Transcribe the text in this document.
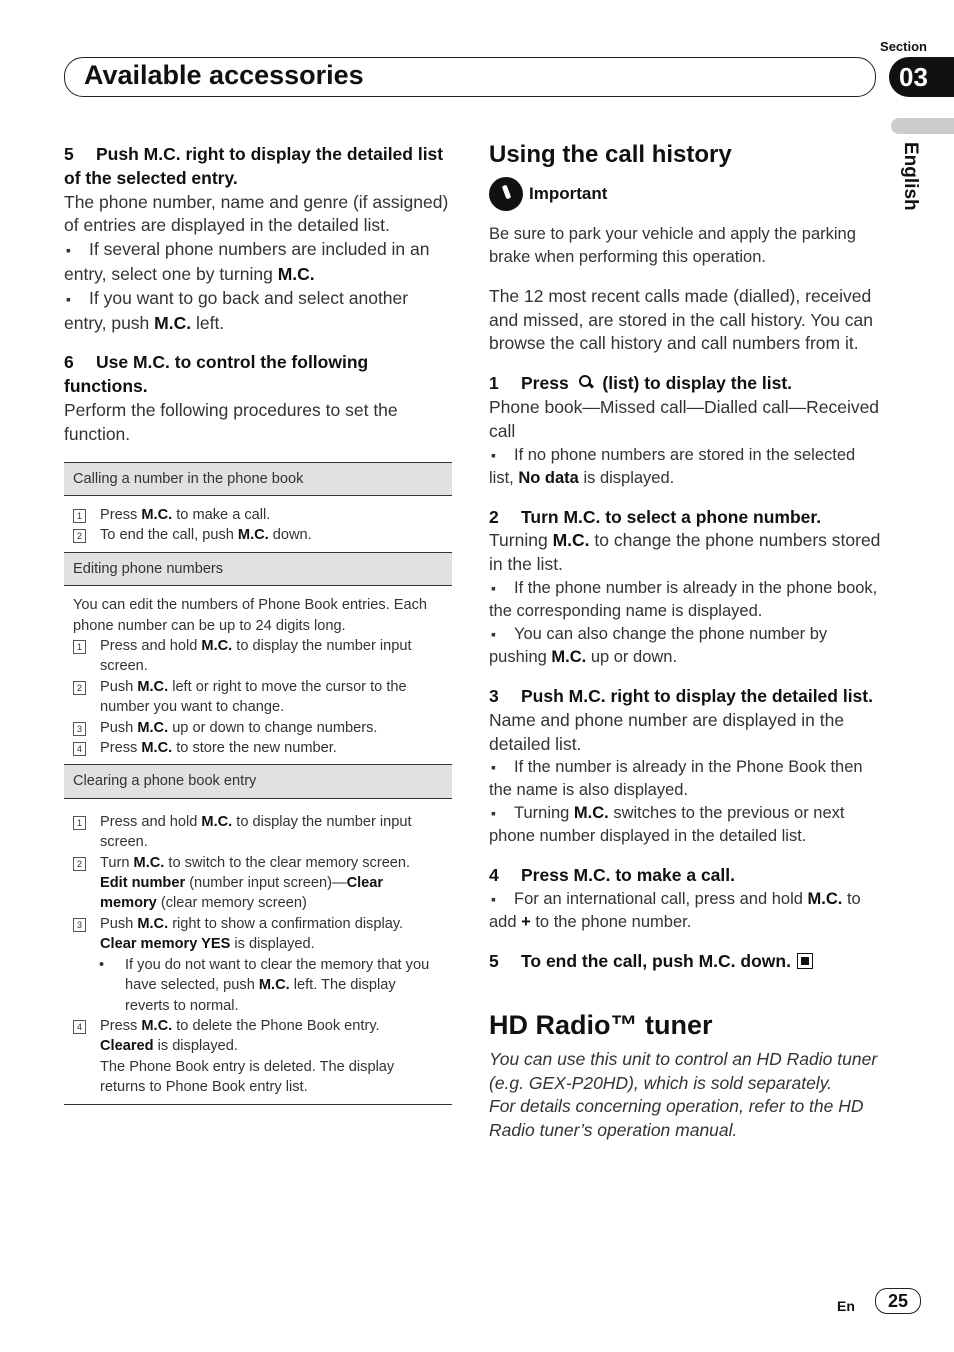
Section
Available accessories	03
English

5 Push M.C. right to display the detailed list of the selected entry.

The phone number, name and genre (if assigned) of entries are displayed in the detailed list.

▪ If several phone numbers are included in an entry, select one by turning M.C.

▪ If you want to go back and select another entry, push M.C. left.

6 Use M.C. to control the following functions.

Perform the following procedures to set the function.

Calling a number in the phone book

1 Press M.C. to make a call.
2 To end the call, push M.C. down.

Editing phone numbers

You can edit the numbers of Phone Book entries. Each phone number can be up to 24 digits long.
1 Press and hold M.C. to display the number input screen.
2 Push M.C. left or right to move the cursor to the number you want to change.
3 Push M.C. up or down to change numbers.
4 Press M.C. to store the new number.

Clearing a phone book entry

1 Press and hold M.C. to display the number input screen.
2 Turn M.C. to switch to the clear memory screen.
Edit number (number input screen)—Clear memory (clear memory screen)
3 Push M.C. right to show a confirmation display.
Clear memory YES is displayed.
•	If you do not want to clear the memory that you have selected, push M.C. left. The display reverts to normal.
4 Press M.C. to delete the Phone Book entry.
Cleared is displayed.
The Phone Book entry is deleted. The display returns to Phone Book entry list.
Using the call history
Important

Be sure to park your vehicle and apply the parking brake when performing this operation.

The 12 most recent calls made (dialled), received and missed, are stored in the call history. You can browse the call history and call numbers from it.

1 Press  (list) to display the list.

Phone book—Missed call—Dialled call—Received call

▪ If no phone numbers are stored in the selected list, No data is displayed.

2 Turn M.C. to select a phone number.

Turning M.C. to change the phone numbers stored in the list.

▪ If the phone number is already in the phone book, the corresponding name is displayed.

▪ You can also change the phone number by pushing M.C. up or down.

3 Push M.C. right to display the detailed list.

Name and phone number are displayed in the detailed list.

▪ If the number is already in the Phone Book then the name is also displayed.

▪ Turning M.C. switches to the previous or next phone number displayed in the detailed list.

4 Press M.C. to make a call.

▪ For an international call, press and hold M.C. to add + to the phone number.

5 To end the call, push M.C. down.

HD Radio™ tuner

You can use this unit to control an HD Radio tuner (e.g. GEX-P20HD), which is sold separately.

For details concerning operation, refer to the HD Radio tuner’s operation manual.

En	25
